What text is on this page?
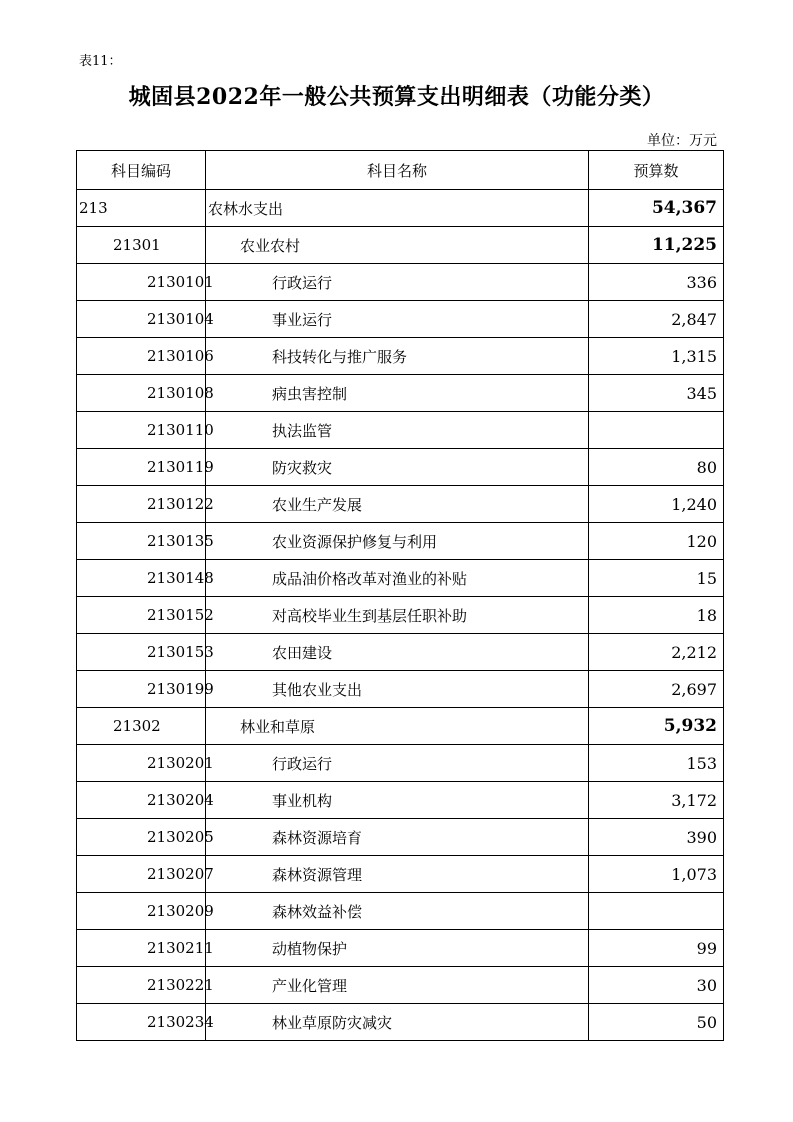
表11：
城固县2022年一般公共预算支出明细表（功能分类）
单位：万元
科目编码	科目名称	预算数
213	农林水支出	54,367
21301	农业农村	11,225
2130101	行政运行	336
2130104	事业运行	2,847
2130106	科技转化与推广服务	1,315
2130108	病虫害控制	345
2130110	执法监管	
2130119	防灾救灾	80
2130122	农业生产发展	1,240
2130135	农业资源保护修复与利用	120
2130148	成品油价格改革对渔业的补贴	15
2130152	对高校毕业生到基层任职补助	18
2130153	农田建设	2,212
2130199	其他农业支出	2,697
21302	林业和草原	5,932
2130201	行政运行	153
2130204	事业机构	3,172
2130205	森林资源培育	390
2130207	森林资源管理	1,073
2130209	森林效益补偿	
2130211	动植物保护	99
2130221	产业化管理	30
2130234	林业草原防灾减灾	50
